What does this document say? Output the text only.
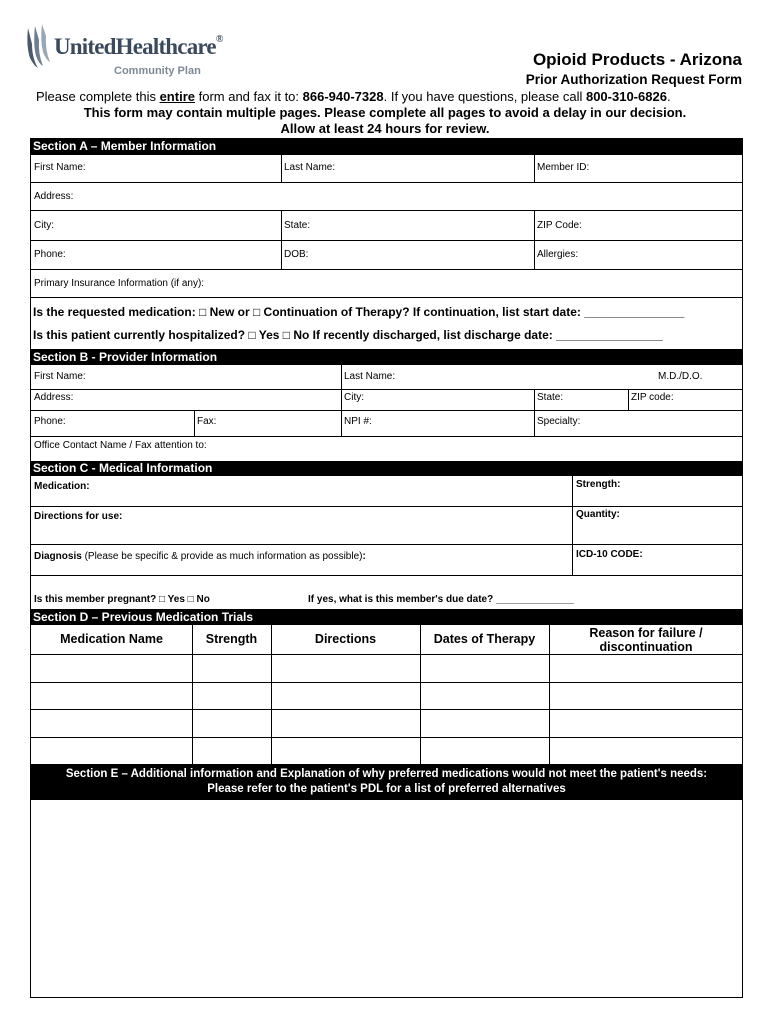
UnitedHealthcare®
Community Plan
Opioid Products - Arizona
Prior Authorization Request Form
Please complete this entire form and fax it to: 866-940-7328. If you have questions, please call 800-310-6826.
This form may contain multiple pages. Please complete all pages to avoid a delay in our decision.
Allow at least 24 hours for review.
Section A – Member Information
First Name:	Last Name:	Member ID:
Address:
City:	State:	ZIP Code:
Phone:	DOB:	Allergies:
Primary Insurance Information (if any):
Is the requested medication: □ New or □ Continuation of Therapy? If continuation, list start date: _______________
Is this patient currently hospitalized? □ Yes □ No If recently discharged, list discharge date: ________________
Section B - Provider Information
First Name:	Last Name:	M.D./D.O.
Address:	City:	State:	ZIP code:
Phone:	Fax:	NPI #:	Specialty:
Office Contact Name / Fax attention to:
Section C - Medical Information
Medication:	Strength:
Directions for use:	Quantity:
Diagnosis (Please be specific & provide as much information as possible):	ICD-10 CODE:
Is this member pregnant? □ Yes □ No	If yes, what is this member's due date? ______________
Section D – Previous Medication Trials
Medication Name	Strength	Directions	Dates of Therapy	Reason for failure / discontinuation
Section E – Additional information and Explanation of why preferred medications would not meet the patient's needs:
Please refer to the patient's PDL for a list of preferred alternatives
